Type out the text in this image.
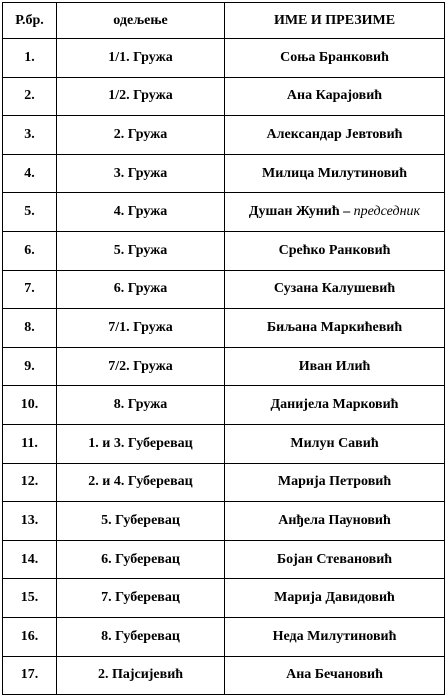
Р.бр.	одељење	ИМЕ И ПРЕЗИМЕ
1.	1/1. Гружа	Соња Бранковић
2.	1/2. Гружа	Ана Карајовић
3.	2. Гружа	Александар Јевтовић
4.	3. Гружа	Милица Милутиновић
5.	4. Гружа	Душан Жунић – председник
6.	5. Гружа	Срећко Ранковић
7.	6. Гружа	Сузана Калушевић
8.	7/1. Гружа	Биљана Маркићевић
9.	7/2. Гружа	Иван Илић
10.	8. Гружа	Данијела Марковић
11.	1. и 3. Губеревац	Милун Савић
12.	2. и 4. Губеревац	Марија Петровић
13.	5. Губеревац	Анђела Пауновић
14.	6. Губеревац	Бојан Стевановић
15.	7. Губеревац	Марија Давидовић
16.	8. Губеревац	Неда Милутиновић
17.	2. Пајсијевић	Ана Бечановић
